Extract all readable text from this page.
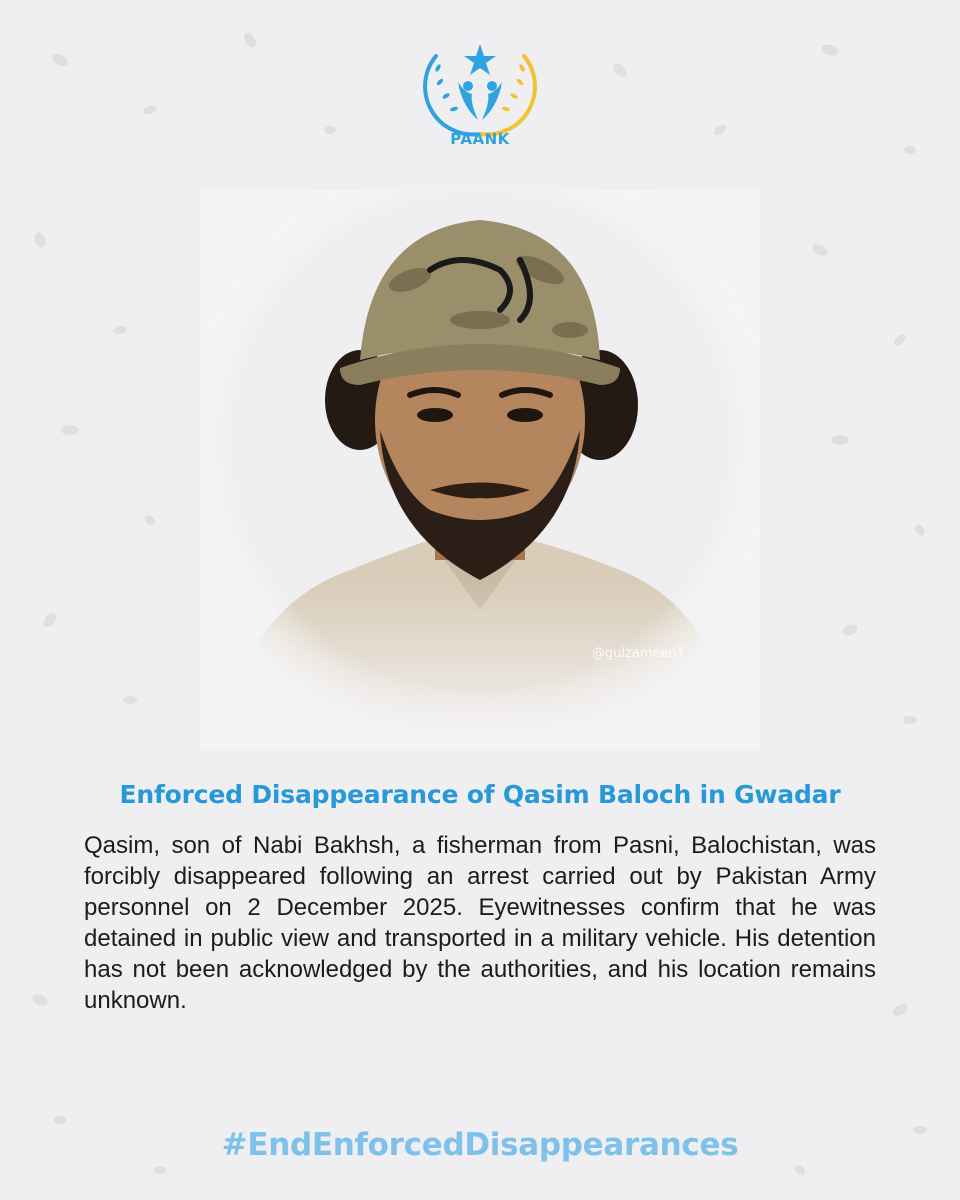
PAANK
@gulzameen1
Enforced Disappearance of Qasim Baloch in Gwadar
Qasim, son of Nabi Bakhsh, a fisherman from Pasni, Balochistan, was forcibly disappeared following an arrest carried out by Pakistan Army personnel on 2 December 2025. Eyewitnesses confirm that he was detained in public view and transported in a military vehicle. His detention has not been acknowledged by the authorities, and his location remains unknown.
#EndEnforcedDisappearances
